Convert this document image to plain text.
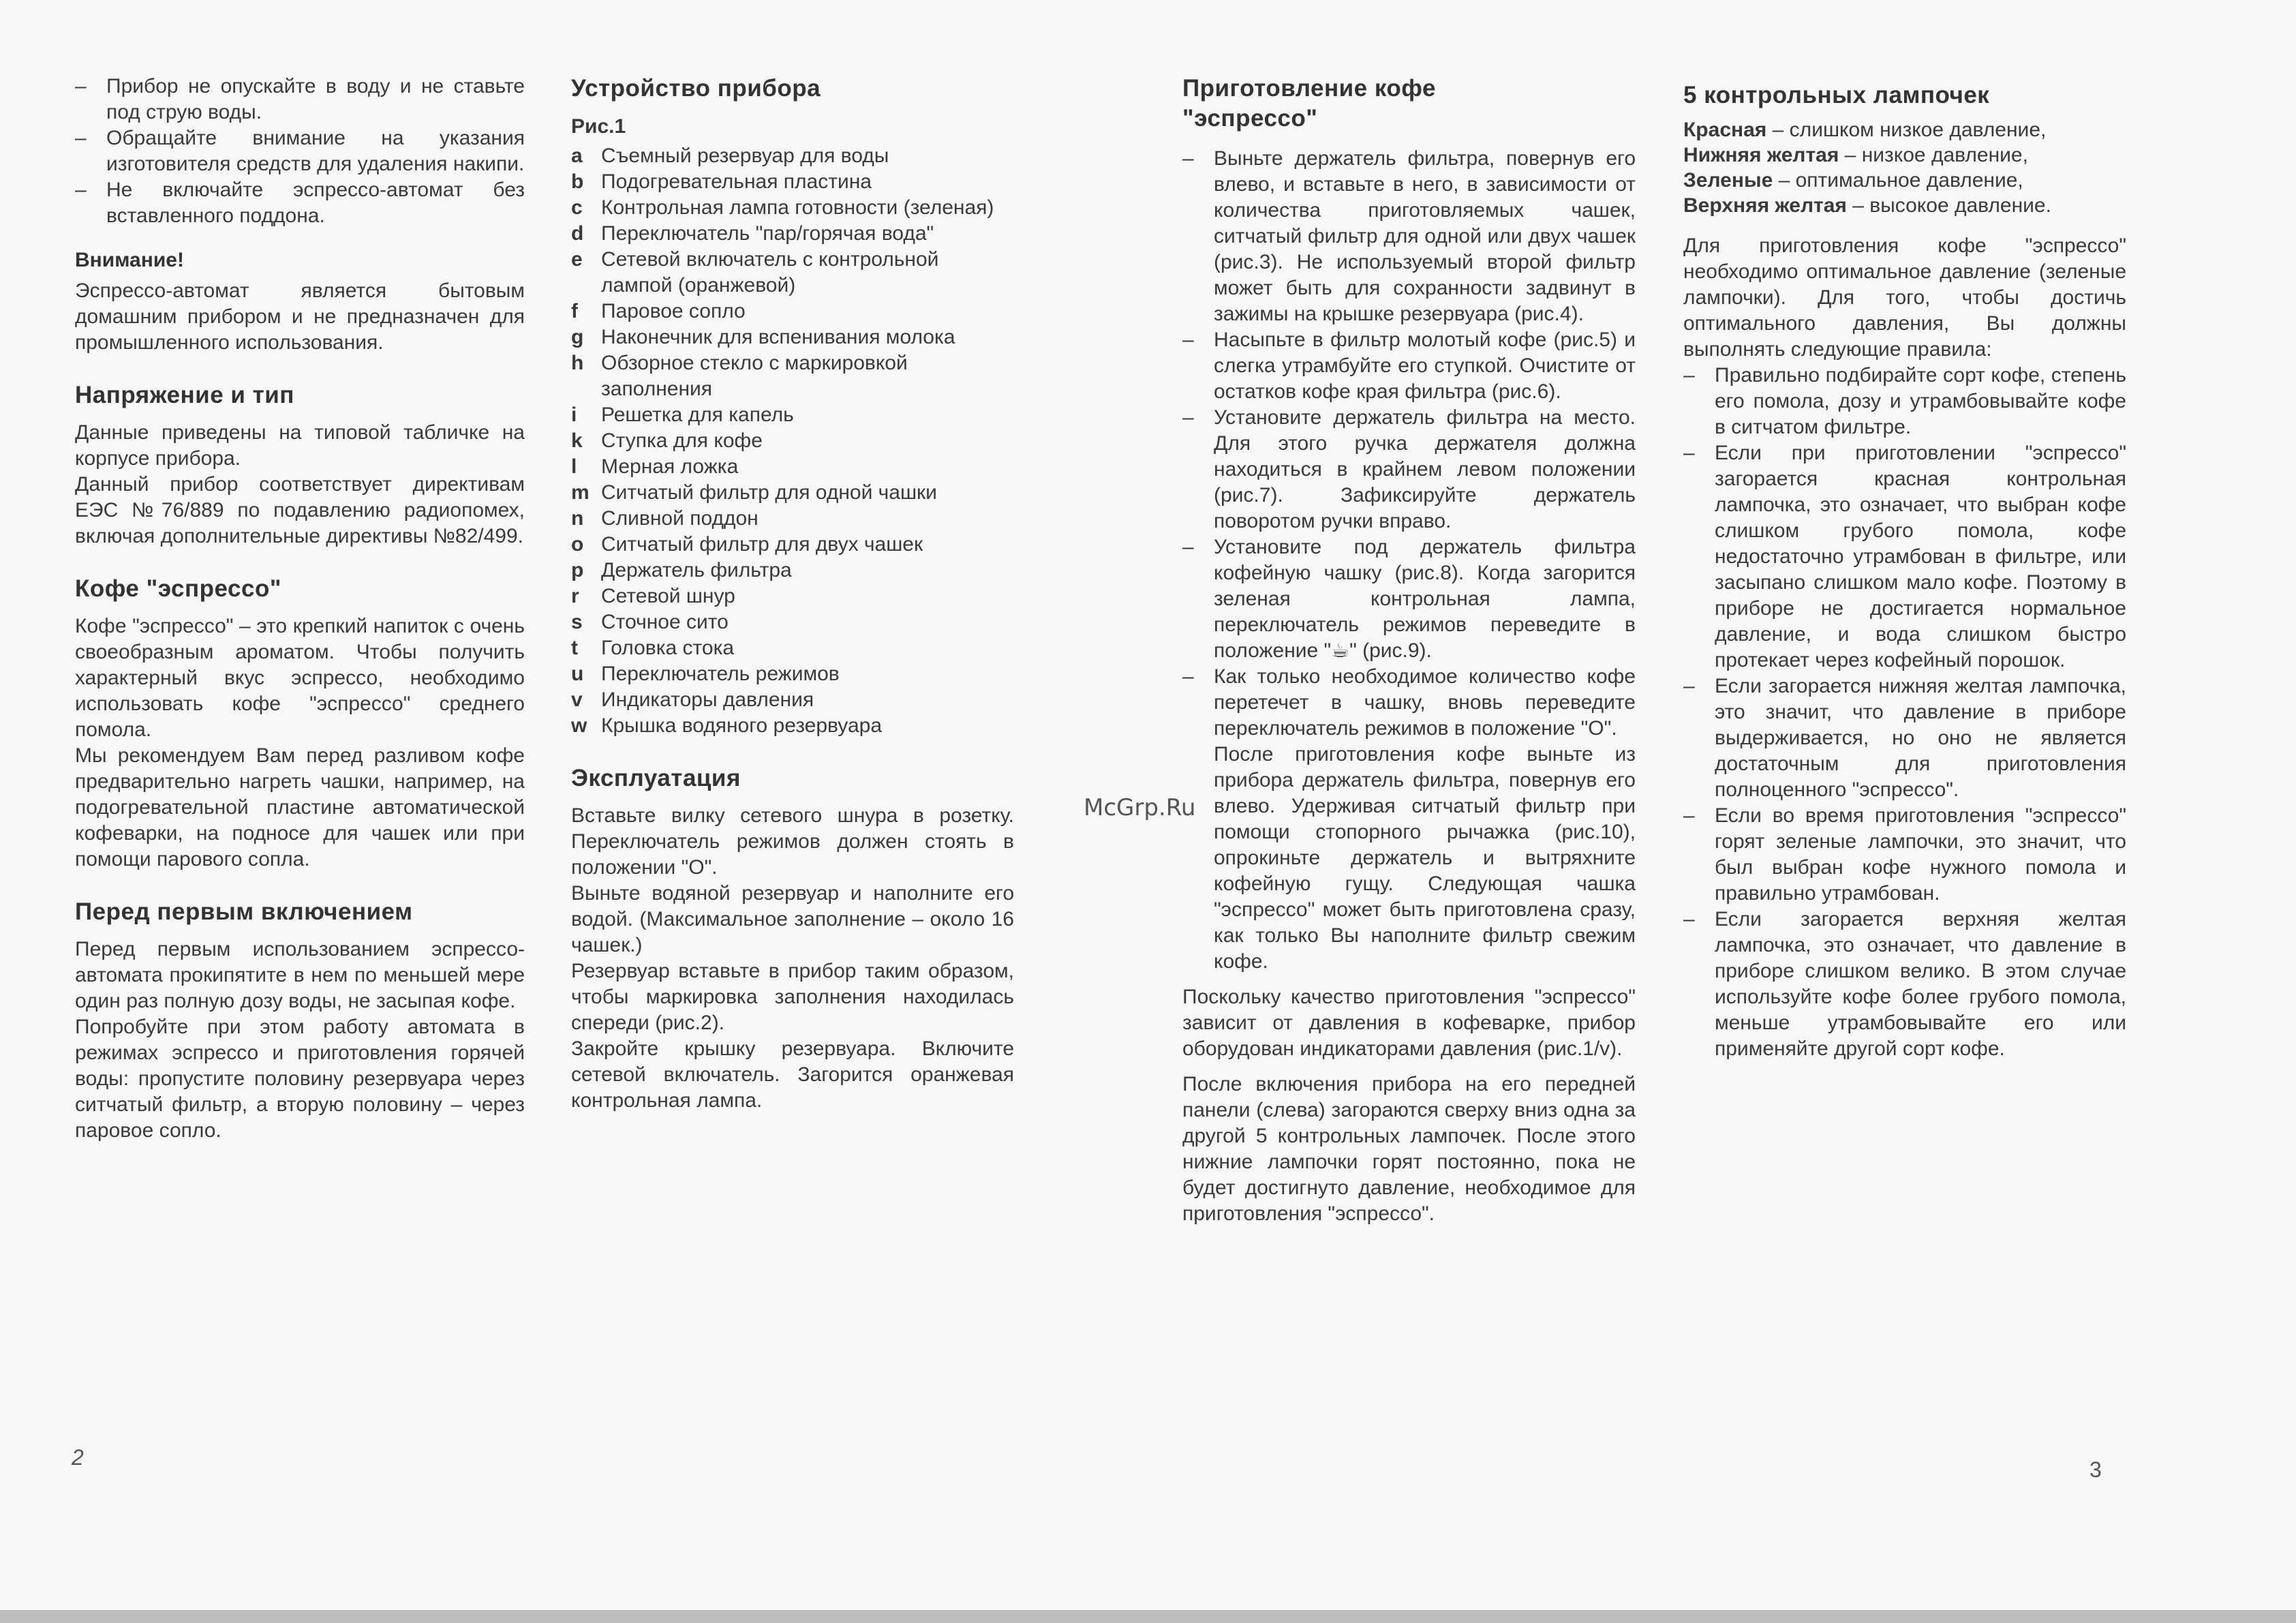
– Прибор не опускайте в воду и не ставьте под струю воды.
– Обращайте внимание на указания изготовителя средств для удаления накипи.
– Не включайте эспрессо-автомат без вставленного поддона.
Внимание!

Эспрессо-автомат является бытовым домашним прибором и не предназначен для промышленного использования.

Напряжение и тип

Данные приведены на типовой табличке на корпусе прибора.

Данный прибор соответствует директивам ЕЭС №76/889 по подавлению радиопомех, включая дополнительные директивы №82/499.

Кофе "эспрессо"

Кофе "эспрессо" – это крепкий напиток с очень своеобразным ароматом. Чтобы получить характерный вкус эспрессо, необходимо использовать кофе "эспрессо" среднего помола.

Мы рекомендуем Вам перед разливом кофе предварительно нагреть чашки, например, на подогревательной пластине автоматической кофеварки, на подносе для чашек или при помощи парового сопла.

Перед первым включением

Перед первым использованием эспрессо-автомата прокипятите в нем по меньшей мере один раз полную дозу воды, не засыпая кофе.

Попробуйте при этом работу автомата в режимах эспрессо и приготовления горячей воды: пропустите половину резервуара через ситчатый фильтр, а вторую половину – через паровое сопло.

Устройство прибора
Рис.1
a	Съемный резервуар для воды
b	Подогревательная пластина
c	Контрольная лампа готовности (зеленая)
d	Переключатель "пар/горячая вода"
e	Сетевой включатель с контрольной лампой (оранжевой)
f	Паровое сопло
g	Наконечник для вспенивания молока
h	Обзорное стекло с маркировкой заполнения
i	Решетка для капель
k	Ступка для кофе
l	Мерная ложка
m	Ситчатый фильтр для одной чашки
n	Сливной поддон
o	Ситчатый фильтр для двух чашек
p	Держатель фильтра
r	Сетевой шнур
s	Сточное сито
t	Головка стока
u	Переключатель режимов
v	Индикаторы давления
w	Крышка водяного резервуара
Эксплуатация

Вставьте вилку сетевого шнура в розетку. Переключатель режимов должен стоять в положении "O".

Выньте водяной резервуар и наполните его водой. (Максимальное заполнение – около 16 чашек.)

Резервуар вставьте в прибор таким образом, чтобы маркировка заполнения находилась спереди (рис.2).

Закройте крышку резервуара. Включите сетевой включатель. Загорится оранжевая контрольная лампа.

Приготовление кофе
"эспрессо"
– Выньте держатель фильтра, повернув его влево, и вставьте в него, в зависимости от количества приготовляемых чашек, ситчатый фильтр для одной или двух чашек (рис.3). Не используемый второй фильтр может быть для сохранности задвинут в зажимы на крышке резервуара (рис.4).
– Насыпьте в фильтр молотый кофе (рис.5) и слегка утрамбуйте его ступкой. Очистите от остатков кофе края фильтра (рис.6).
– Установите держатель фильтра на место. Для этого ручка держателя должна находиться в крайнем левом положении (рис.7). Зафиксируйте держатель поворотом ручки вправо.
– Установите под держатель фильтра кофейную чашку (рис.8). Когда загорится зеленая контрольная лампа, переключатель режимов переведите в положение "☕" (рис.9).
– Как только необходимое количество кофе перетечет в чашку, вновь переведите переключатель режимов в положение "O".

После приготовления кофе выньте из прибора держатель фильтра, повернув его влево. Удерживая ситчатый фильтр при помощи стопорного рычажка (рис.10), опрокиньте держатель и вытряхните кофейную гущу. Следующая чашка "эспрессо" может быть приготовлена сразу, как только Вы наполните фильтр свежим кофе.

Поскольку качество приготовления "эспрессо" зависит от давления в кофеварке, прибор оборудован индикаторами давления (рис.1/v).

После включения прибора на его передней панели (слева) загораются сверху вниз одна за другой 5 контрольных лампочек. После этого нижние лампочки горят постоянно, пока не будет достигнуто давление, необходимое для приготовления "эспрессо".

5 контрольных лампочек

Красная – слишком низкое давление,

Нижняя желтая – низкое давление,

Зеленые – оптимальное давление,

Верхняя желтая – высокое давление.

Для приготовления кофе "эспрессо" необходимо оптимальное давление (зеленые лампочки). Для того, чтобы достичь оптимального давления, Вы должны выполнять следующие правила:

– Правильно подбирайте сорт кофе, степень его помола, дозу и утрамбовывайте кофе в ситчатом фильтре.
– Если при приготовлении "эспрессо" загорается красная контрольная лампочка, это означает, что выбран кофе слишком грубого помола, кофе недостаточно утрамбован в фильтре, или засыпано слишком мало кофе. Поэтому в приборе не достигается нормальное давление, и вода слишком быстро протекает через кофейный порошок.
– Если загорается нижняя желтая лампочка, это значит, что давление в приборе выдерживается, но оно не является достаточным для приготовления полноценного "эспрессо".
– Если во время приготовления "эспрессо" горят зеленые лампочки, это значит, что был выбран кофе нужного помола и правильно утрамбован.
– Если загорается верхняя желтая лампочка, это означает, что давление в приборе слишком велико. В этом случае используйте кофе более грубого помола, меньше утрамбовывайте его или применяйте другой сорт кофе.
McGrp.Ru
2	3
